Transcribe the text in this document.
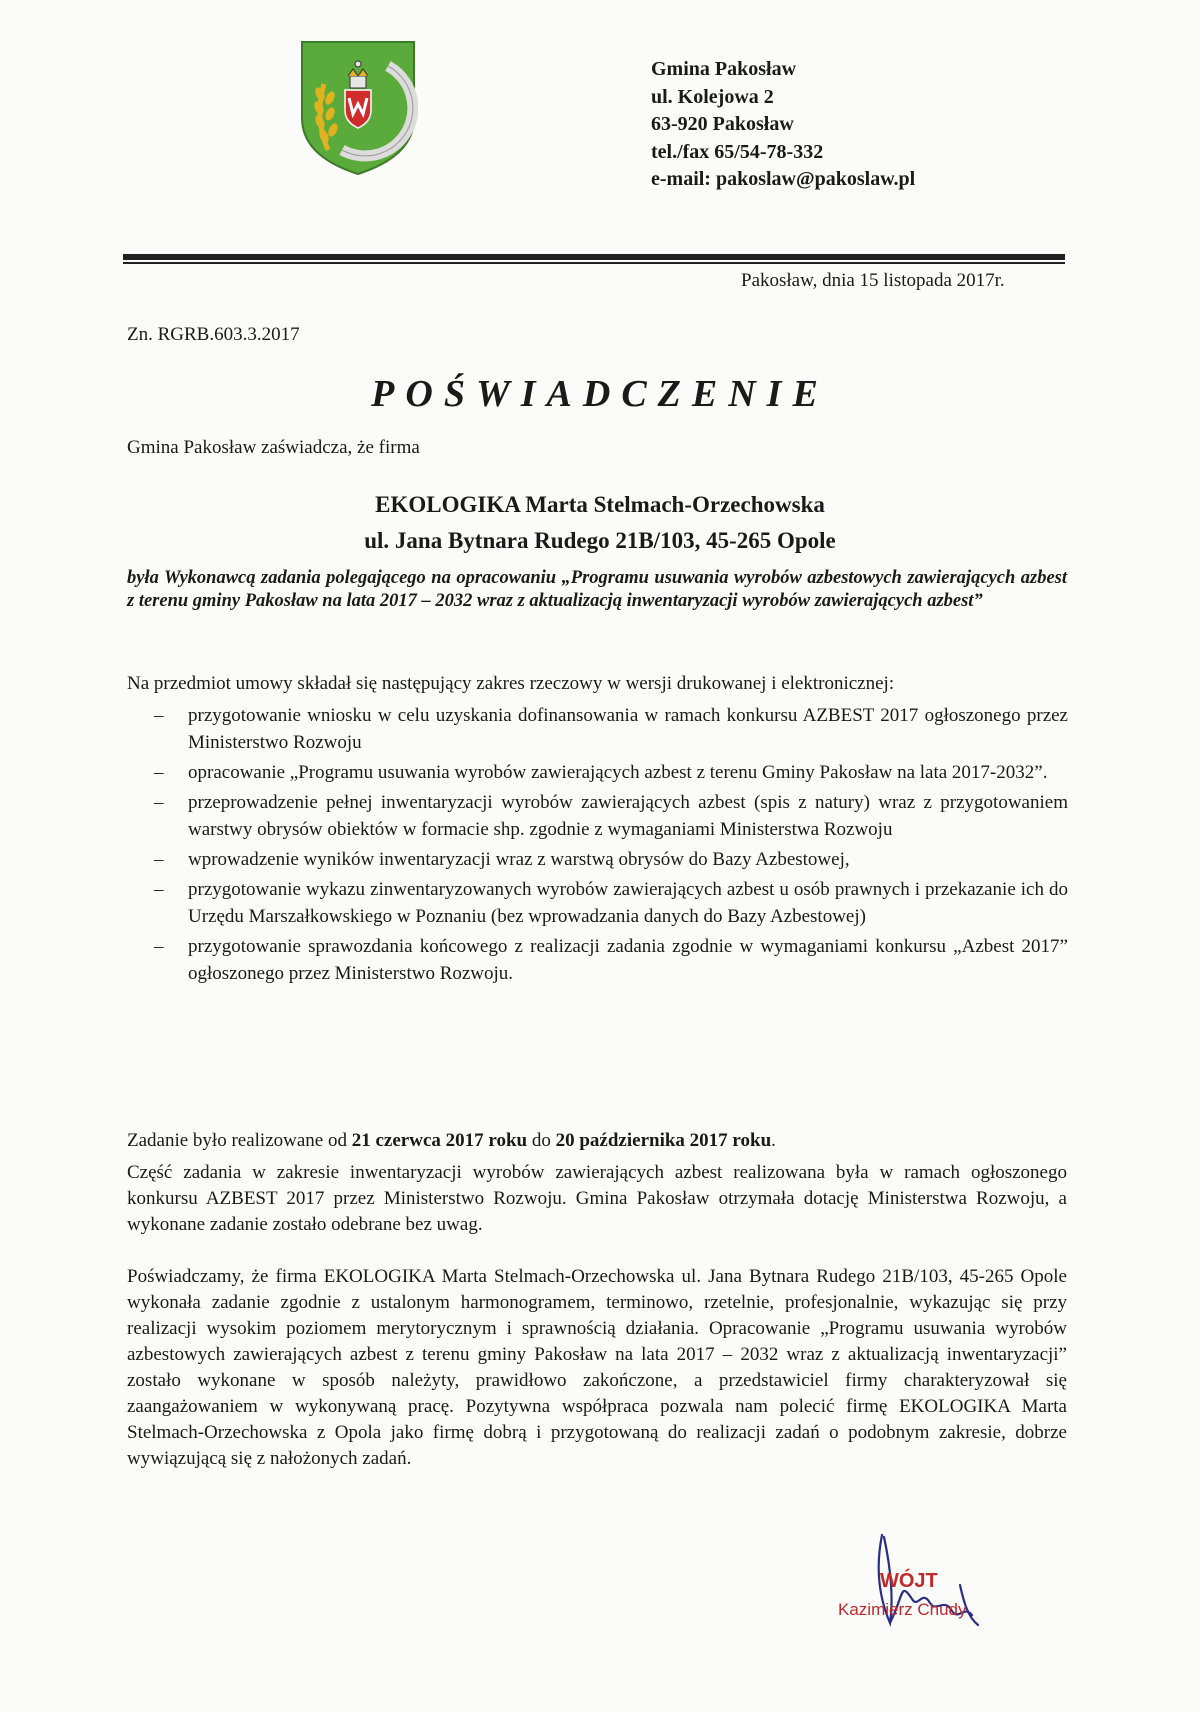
Gmina Pakosław
ul. Kolejowa 2
63-920 Pakosław
tel./fax 65/54-78-332
e-mail: pakoslaw@pakoslaw.pl
Pakosław, dnia 15 listopada 2017r.
Zn. RGRB.603.3.2017
POŚWIADCZENIE
Gmina Pakosław zaświadcza, że firma
EKOLOGIKA Marta Stelmach-Orzechowska
ul. Jana Bytnara Rudego 21B/103, 45-265 Opole
była Wykonawcą zadania polegającego na opracowaniu „Programu usuwania wyrobów azbestowych zawierających azbest z terenu gminy Pakosław na lata 2017 – 2032 wraz z aktualizacją inwentaryzacji wyrobów zawierających azbest”
Na przedmiot umowy składał się następujący zakres rzeczowy w wersji drukowanej i elektronicznej:
– przygotowanie wniosku w celu uzyskania dofinansowania w ramach konkursu AZBEST 2017 ogłoszonego przez Ministerstwo Rozwoju
– opracowanie „Programu usuwania wyrobów zawierających azbest z terenu Gminy Pakosław na lata 2017-2032”.
– przeprowadzenie pełnej inwentaryzacji wyrobów zawierających azbest (spis z natury) wraz z przygotowaniem warstwy obrysów obiektów w formacie shp. zgodnie z wymaganiami Ministerstwa Rozwoju
– wprowadzenie wyników inwentaryzacji wraz z warstwą obrysów do Bazy Azbestowej,
– przygotowanie wykazu zinwentaryzowanych wyrobów zawierających azbest u osób prawnych i przekazanie ich do Urzędu Marszałkowskiego w Poznaniu (bez wprowadzania danych do Bazy Azbestowej)
– przygotowanie sprawozdania końcowego z realizacji zadania zgodnie w wymaganiami konkursu „Azbest 2017” ogłoszonego przez Ministerstwo Rozwoju.
Zadanie było realizowane od 21 czerwca 2017 roku do 20 października 2017 roku.
Część zadania w zakresie inwentaryzacji wyrobów zawierających azbest realizowana była w ramach ogłoszonego konkursu AZBEST 2017 przez Ministerstwo Rozwoju. Gmina Pakosław otrzymała dotację Ministerstwa Rozwoju, a wykonane zadanie zostało odebrane bez uwag.
Poświadczamy, że firma EKOLOGIKA Marta Stelmach-Orzechowska ul. Jana Bytnara Rudego 21B/103, 45-265 Opole wykonała zadanie zgodnie z ustalonym harmonogramem, terminowo, rzetelnie, profesjonalnie, wykazując się przy realizacji wysokim poziomem merytorycznym i sprawnością działania. Opracowanie „Programu usuwania wyrobów azbestowych zawierających azbest z terenu gminy Pakosław na lata 2017 – 2032 wraz z aktualizacją inwentaryzacji” zostało wykonane w sposób należyty, prawidłowo zakończone, a przedstawiciel firmy charakteryzował się zaangażowaniem w wykonywaną pracę. Pozytywna współpraca pozwala nam polecić firmę EKOLOGIKA Marta Stelmach-Orzechowska z Opola jako firmę dobrą i przygotowaną do realizacji zadań o podobnym zakresie, dobrze wywiązującą się z nałożonych zadań.
WÓJT
Kazimierz Chudy
